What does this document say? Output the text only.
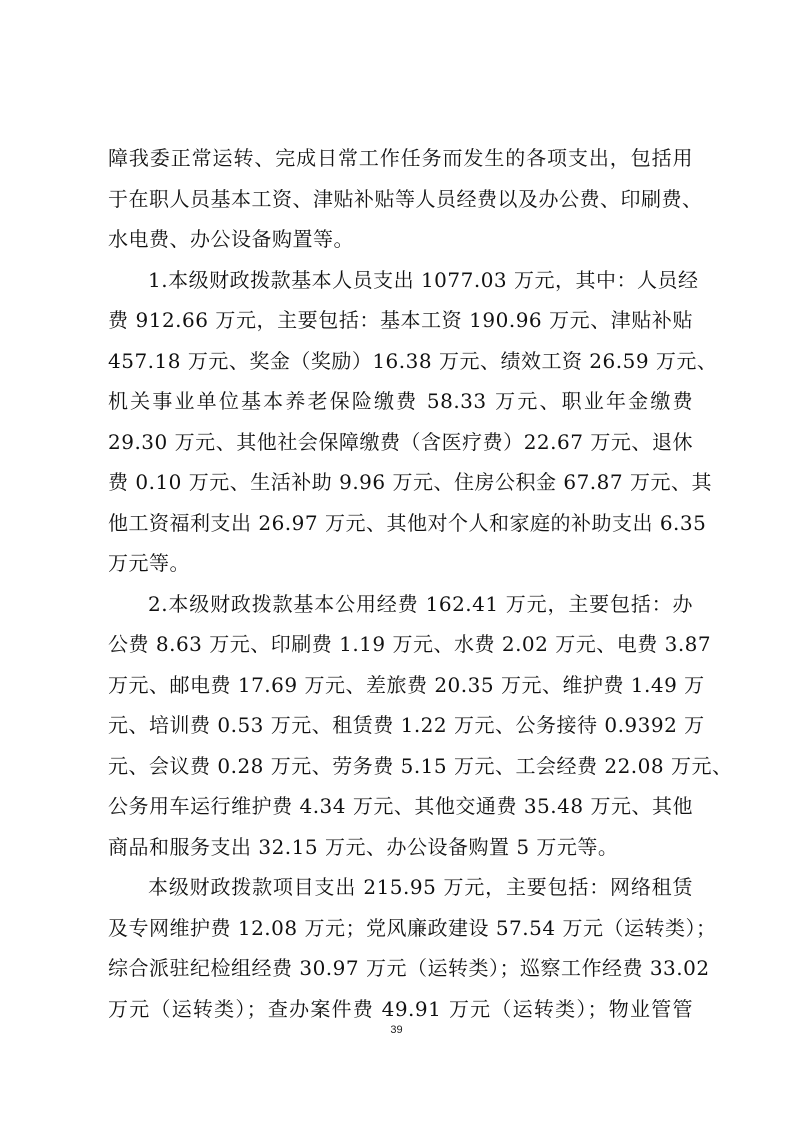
障我委正常运转、完成日常工作任务而发生的各项支出，包括用
于在职人员基本工资、津贴补贴等人员经费以及办公费、印刷费、
水电费、办公设备购置等。
1.本级财政拨款基本人员支出 1077.03 万元，其中：人员经
费 912.66 万元，主要包括：基本工资 190.96 万元、津贴补贴
457.18 万元、奖金（奖励）16.38 万元、绩效工资 26.59 万元、
机关事业单位基本养老保险缴费 58.33 万元、职业年金缴费
29.30 万元、其他社会保障缴费（含医疗费）22.67 万元、退休
费 0.10 万元、生活补助 9.96 万元、住房公积金 67.87 万元、其
他工资福利支出 26.97 万元、其他对个人和家庭的补助支出 6.35
万元等。
2.本级财政拨款基本公用经费 162.41 万元，主要包括：办
公费 8.63 万元、印刷费 1.19 万元、水费 2.02 万元、电费 3.87
万元、邮电费 17.69 万元、差旅费 20.35 万元、维护费 1.49 万
元、培训费 0.53 万元、租赁费 1.22 万元、公务接待 0.9392 万
元、会议费 0.28 万元、劳务费 5.15 万元、工会经费 22.08 万元、
公务用车运行维护费 4.34 万元、其他交通费 35.48 万元、其他
商品和服务支出 32.15 万元、办公设备购置 5 万元等。
本级财政拨款项目支出 215.95 万元，主要包括：网络租赁
及专网维护费 12.08 万元；党风廉政建设 57.54 万元（运转类）；
综合派驻纪检组经费 30.97 万元（运转类）；巡察工作经费 33.02
万元（运转类）；查办案件费 49.91 万元（运转类）；物业管管
39
